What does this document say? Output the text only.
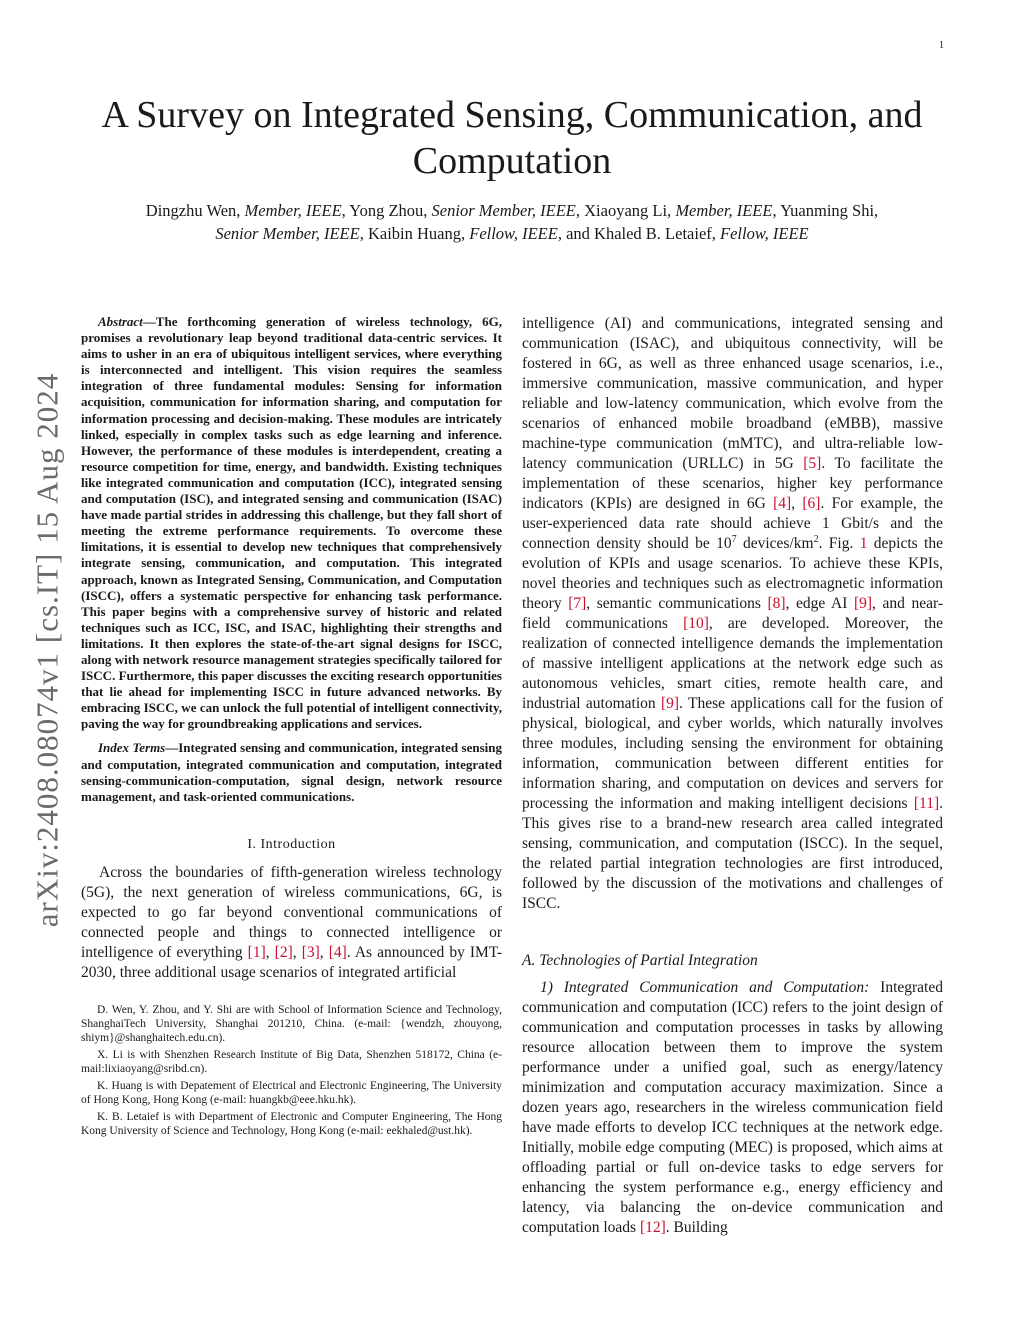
1
arXiv:2408.08074v1 [cs.IT] 15 Aug 2024
A Survey on Integrated Sensing, Communication, and Computation
Dingzhu Wen, Member, IEEE, Yong Zhou, Senior Member, IEEE, Xiaoyang Li, Member, IEEE, Yuanming Shi,
Senior Member, IEEE, Kaibin Huang, Fellow, IEEE, and Khaled B. Letaief, Fellow, IEEE

Abstract—The forthcoming generation of wireless technology, 6G, promises a revolutionary leap beyond traditional data-centric services. It aims to usher in an era of ubiquitous intelligent services, where everything is interconnected and intelligent. This vision requires the seamless integration of three fundamental modules: Sensing for information acquisition, communication for information sharing, and computation for information processing and decision-making. These modules are intricately linked, especially in complex tasks such as edge learning and inference. However, the performance of these modules is interdependent, creating a resource competition for time, energy, and bandwidth. Existing techniques like integrated communication and computation (ICC), integrated sensing and computation (ISC), and integrated sensing and communication (ISAC) have made partial strides in addressing this challenge, but they fall short of meeting the extreme performance requirements. To overcome these limitations, it is essential to develop new techniques that comprehensively integrate sensing, communication, and computation. This integrated approach, known as Integrated Sensing, Communication, and Computation (ISCC), offers a systematic perspective for enhancing task performance. This paper begins with a comprehensive survey of historic and related techniques such as ICC, ISC, and ISAC, highlighting their strengths and limitations. It then explores the state-of-the-art signal designs for ISCC, along with network resource management strategies specifically tailored for ISCC. Furthermore, this paper discusses the exciting research opportunities that lie ahead for implementing ISCC in future advanced networks. By embracing ISCC, we can unlock the full potential of intelligent connectivity, paving the way for groundbreaking applications and services.

Index Terms—Integrated sensing and communication, integrated sensing and computation, integrated communication and computation, integrated sensing-communication-computation, signal design, network resource management, and task-oriented communications.

I. Introduction

Across the boundaries of fifth-generation wireless technology (5G), the next generation of wireless communications, 6G, is expected to go far beyond conventional communications of connected people and things to connected intelligence or intelligence of everything [1], [2], [3], [4]. As announced by IMT-2030, three additional usage scenarios of integrated artificial

D. Wen, Y. Zhou, and Y. Shi are with School of Information Science and Technology, ShanghaiTech University, Shanghai 201210, China. (e-mail: {wendzh, zhouyong, shiym}@shanghaitech.edu.cn).

X. Li is with Shenzhen Research Institute of Big Data, Shenzhen 518172, China (e-mail:lixiaoyang@sribd.cn).

K. Huang is with Depatement of Electrical and Electronic Engineering, The University of Hong Kong, Hong Kong (e-mail: huangkb@eee.hku.hk).

K. B. Letaief is with Department of Electronic and Computer Engineering, The Hong Kong University of Science and Technology, Hong Kong (e-mail: eekhaled@ust.hk).

intelligence (AI) and communications, integrated sensing and communication (ISAC), and ubiquitous connectivity, will be fostered in 6G, as well as three enhanced usage scenarios, i.e., immersive communication, massive communication, and hyper reliable and low-latency communication, which evolve from the scenarios of enhanced mobile broadband (eMBB), massive machine-type communication (mMTC), and ultra-reliable low-latency communication (URLLC) in 5G [5]. To facilitate the implementation of these scenarios, higher key performance indicators (KPIs) are designed in 6G [4], [6]. For example, the user-experienced data rate should achieve 1 Gbit/s and the connection density should be $10^7$ devices/$km^2$. Fig. 1 depicts the evolution of KPIs and usage scenarios. To achieve these KPIs, novel theories and techniques such as electromagnetic information theory [7], semantic communications [8], edge AI [9], and near-field communications [10], are developed. Moreover, the realization of connected intelligence demands the implementation of massive intelligent applications at the network edge such as autonomous vehicles, smart cities, remote health care, and industrial automation [9]. These applications call for the fusion of physical, biological, and cyber worlds, which naturally involves three modules, including sensing the environment for obtaining information, communication between different entities for information sharing, and computation on devices and servers for processing the information and making intelligent decisions [11]. This gives rise to a brand-new research area called integrated sensing, communication, and computation (ISCC). In the sequel, the related partial integration technologies are first introduced, followed by the discussion of the motivations and challenges of ISCC.

A. Technologies of Partial Integration

1) Integrated Communication and Computation: Integrated communication and computation (ICC) refers to the joint design of communication and computation processes in tasks by allowing resource allocation between them to improve the system performance under a unified goal, such as energy/latency minimization and computation accuracy maximization. Since a dozen years ago, researchers in the wireless communication field have made efforts to develop ICC techniques at the network edge. Initially, mobile edge computing (MEC) is proposed, which aims at offloading partial or full on-device tasks to edge servers for enhancing the system performance e.g., energy efficiency and latency, via balancing the on-device communication and computation loads [12]. Building
